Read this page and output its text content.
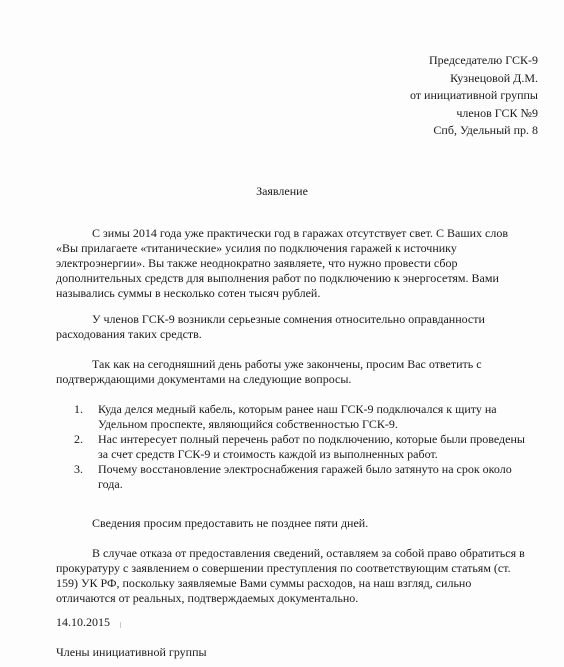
Председателю ГСК-9
Кузнецовой Д.М.
от инициативной группы
членов ГСК №9
Спб, Удельный пр. 8
Заявление
С зимы 2014 года уже практически год в гаражах отсутствует свет. С Ваших слов «Вы прилагаете «титанические» усилия по подключения гаражей к источнику электроэнергии». Вы также неоднократно заявляете, что нужно провести сбор дополнительных средств для выполнения работ по подключению к энергосетям. Вами назывались суммы в несколько сотен тысяч рублей.
У членов ГСК-9 возникли серьезные сомнения относительно оправданности расходования таких средств.
Так как на сегодняшний день работы уже закончены, просим Вас ответить с подтверждающими документами на следующие вопросы.
1.	Куда делся медный кабель, которым ранее наш ГСК-9 подключался к щиту на Удельном проспекте, являющийся собственностью ГСК-9.
2.	Нас интересует полный перечень работ по подключению, которые были проведены за счет средств ГСК-9 и стоимость каждой из выполненных работ.
3.	Почему восстановление электроснабжения гаражей было затянуто на срок около года.
Сведения просим предоставить не позднее пяти дней.
В случае отказа от предоставления сведений, оставляем за собой право обратиться в прокуратуру с заявлением о совершении преступления по соответствующим статьям (ст. 159) УК РФ, поскольку заявляемые Вами суммы расходов, на наш взгляд, сильно отличаются от реальных, подтверждаемых документально.
14.10.2015
Члены инициативной группы
